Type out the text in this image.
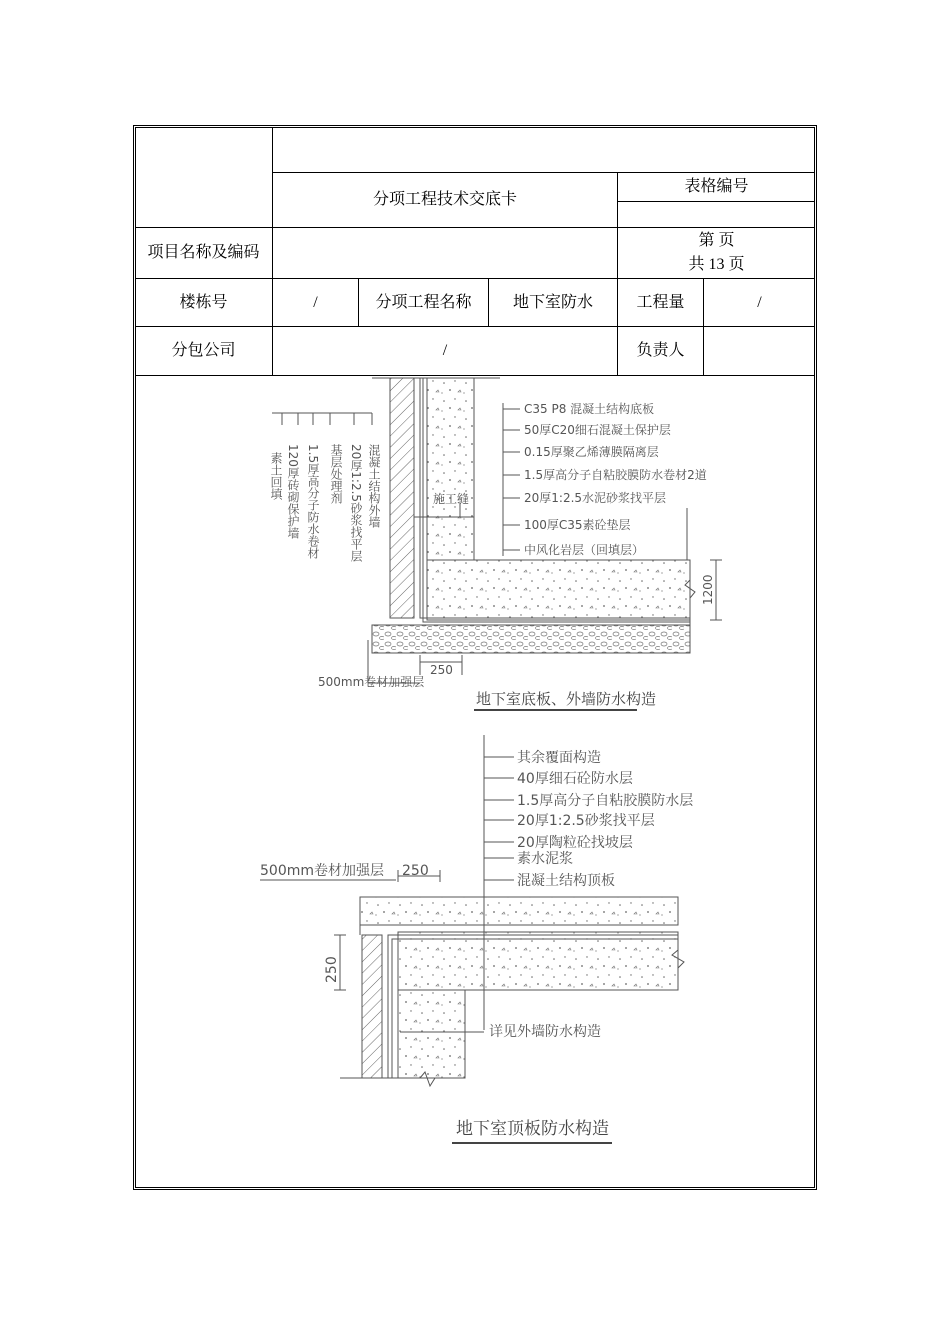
分项工程技术交底卡
表格编号
项目名称及编码
第 页
共 13 页
楼栋号	/	分项工程名称	地下室防水	工程量	/
分包公司	/	负责人
1200
素土回填 120厚砖砌保护墙 1.5厚高分子防水卷材 基层处理剂 20厚1:2.5砂浆找平层 混凝土结构外墙
C35 P8 混凝土结构底板
50厚C20细石混凝土保护层
0.15厚聚乙烯薄膜隔离层
1.5厚高分子自粘胶膜防水卷材2道
20厚1:2.5水泥砂浆找平层
100厚C35素砼垫层
中风化岩层（回填层）
施工缝
250
500mm卷材加强层
地下室底板、外墙防水构造
其余覆面构造
40厚细石砼防水层
1.5厚高分子自粘胶膜防水层
20厚1:2.5砂浆找平层
20厚陶粒砼找坡层
素水泥浆
混凝土结构顶板
250
500mm卷材加强层
250
详见外墙防水构造
地下室顶板防水构造
